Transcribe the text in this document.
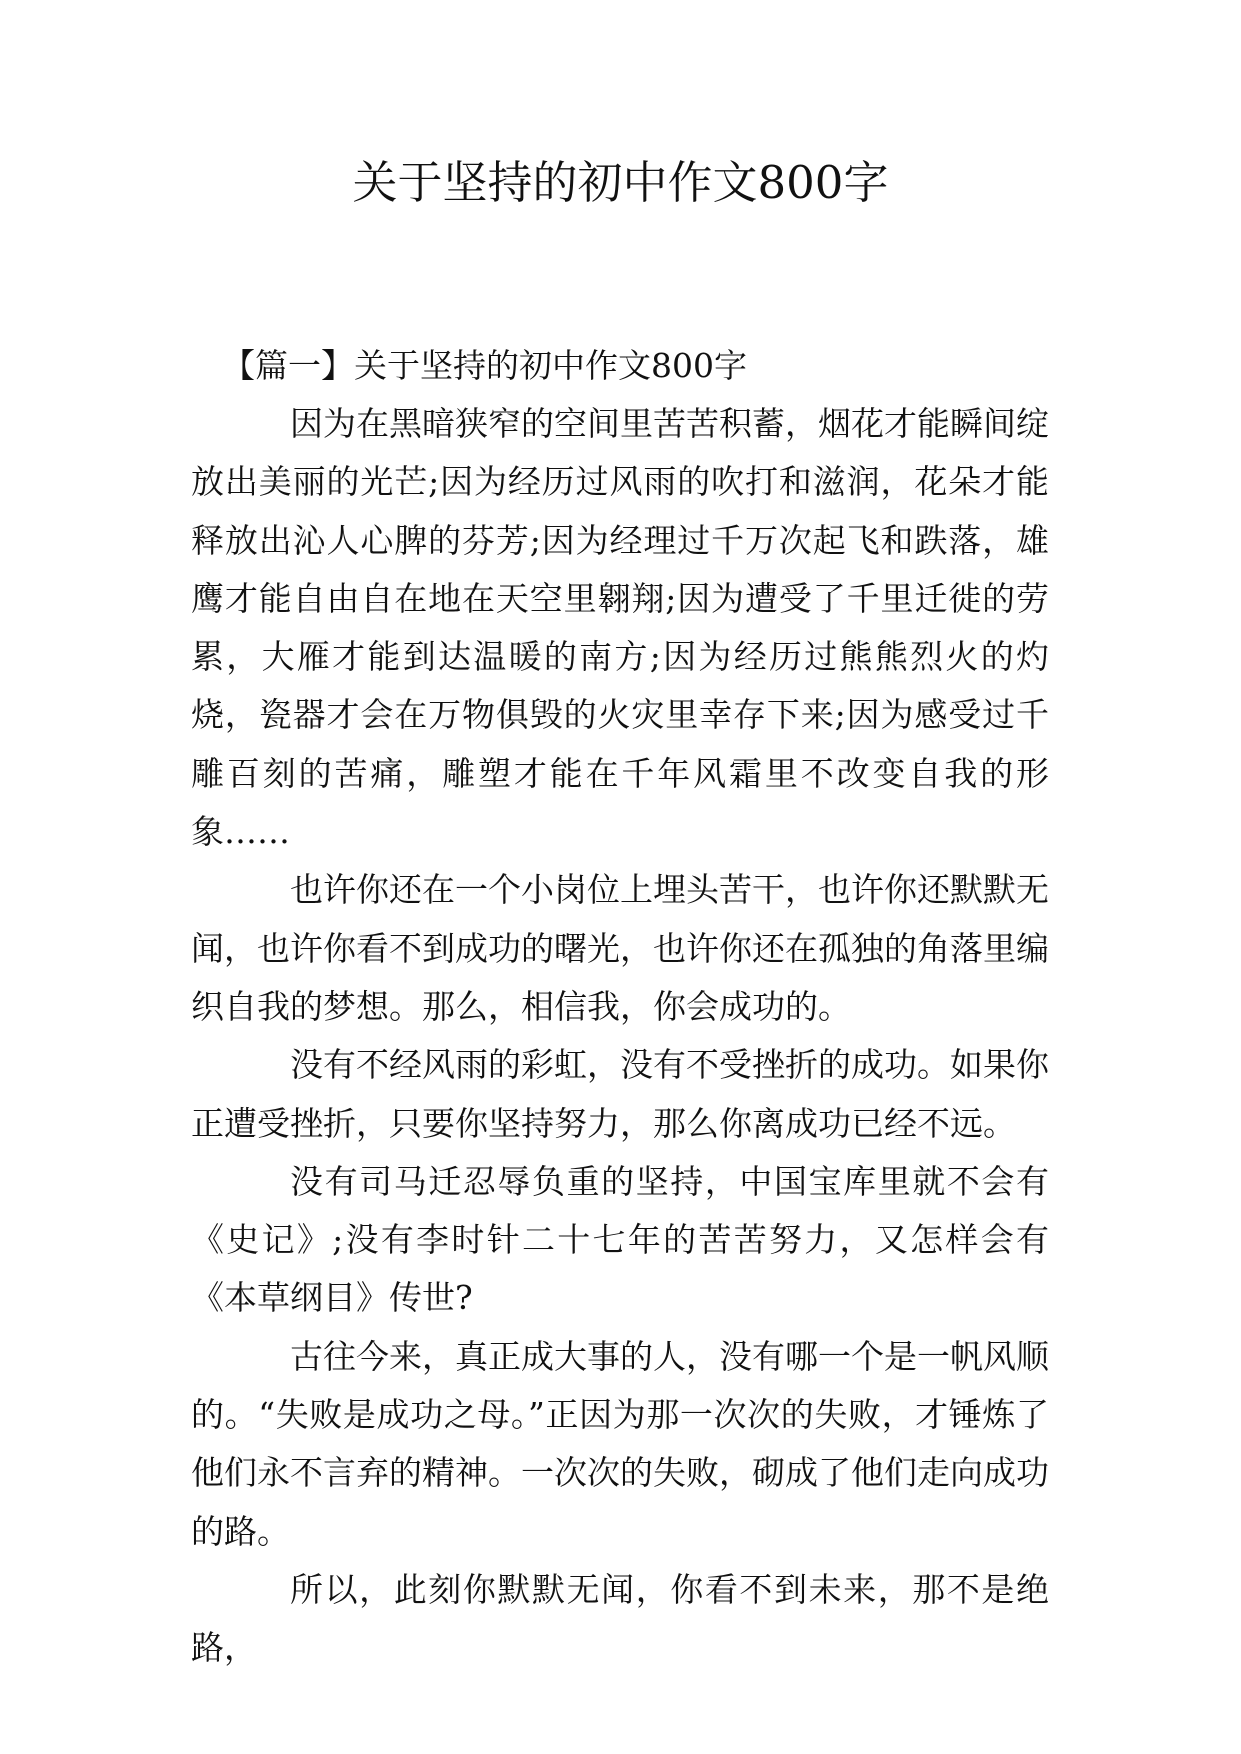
关于坚持的初中作文800字

【篇一】关于坚持的初中作文800字

因为在黑暗狭窄的空间里苦苦积蓄，烟花才能瞬间绽放出美丽的光芒;因为经历过风雨的吹打和滋润，花朵才能释放出沁人心脾的芬芳;因为经理过千万次起飞和跌落，雄鹰才能自由自在地在天空里翱翔;因为遭受了千里迁徙的劳累，大雁才能到达温暖的南方;因为经历过熊熊烈火的灼烧，瓷器才会在万物俱毁的火灾里幸存下来;因为感受过千雕百刻的苦痛，雕塑才能在千年风霜里不改变自我的形象……

也许你还在一个小岗位上埋头苦干，也许你还默默无闻，也许你看不到成功的曙光，也许你还在孤独的角落里编织自我的梦想。那么，相信我，你会成功的。

没有不经风雨的彩虹，没有不受挫折的成功。如果你正遭受挫折，只要你坚持努力，那么你离成功已经不远。

没有司马迁忍辱负重的坚持，中国宝库里就不会有《史记》;没有李时针二十七年的苦苦努力，又怎样会有《本草纲目》传世?

古往今来，真正成大事的人，没有哪一个是一帆风顺的。“失败是成功之母。”正因为那一次次的失败，才锤炼了他们永不言弃的精神。一次次的失败，砌成了他们走向成功的路。

所以，此刻你默默无闻，你看不到未来，那不是绝路，
